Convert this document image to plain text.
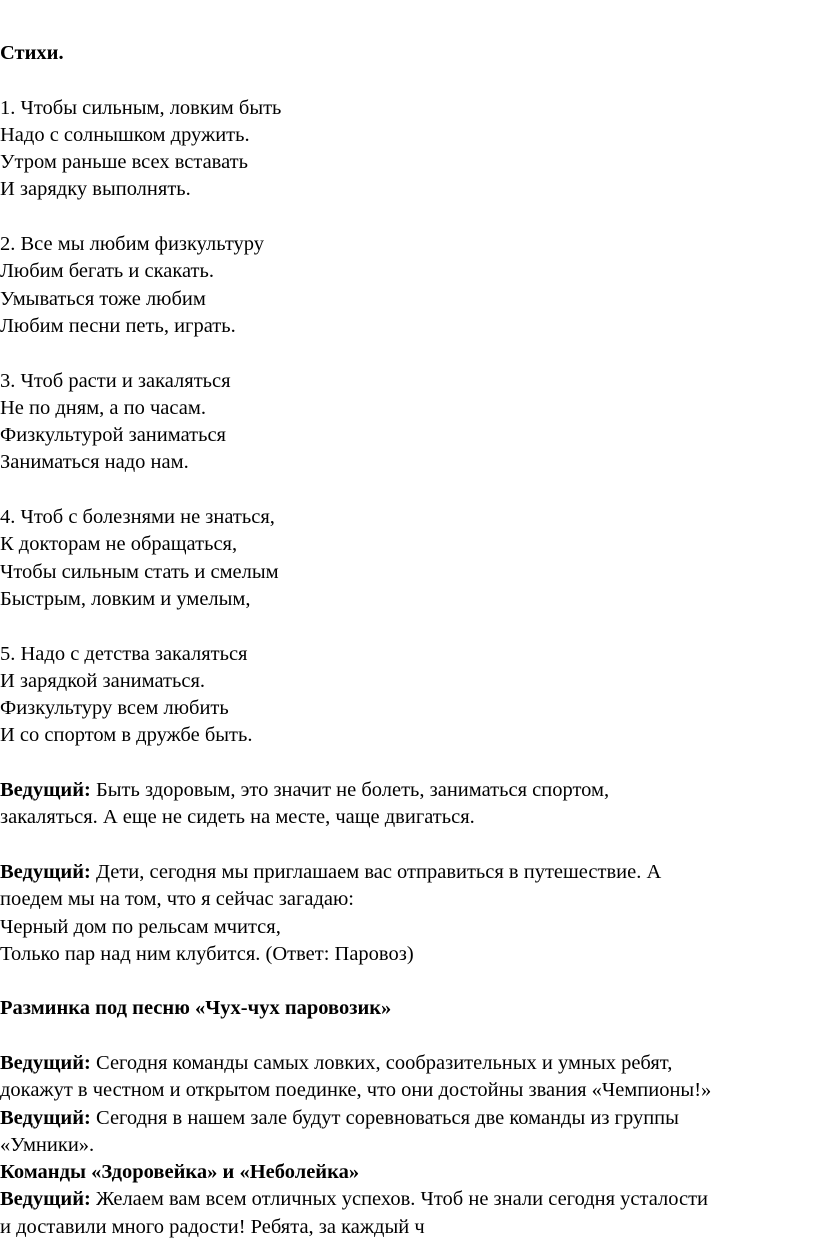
Стихи.
1. Чтобы сильным, ловким быть
Надо с солнышком дружить.
Утром раньше всех вставать
И зарядку выполнять.
2. Все мы любим физкультуру
Любим бегать и скакать.
Умываться тоже любим
Любим песни петь, играть.
3. Чтоб расти и закаляться
Не по дням, а по часам.
Физкультурой заниматься
Заниматься надо нам.
4. Чтоб с болезнями не знаться,
К докторам не обращаться,
Чтобы сильным стать и смелым
Быстрым, ловким и умелым,
5. Надо с детства закаляться
И зарядкой заниматься.
Физкультуру всем любить
И со спортом в дружбе быть.
Ведущий: Быть здоровым, это значит не болеть, заниматься спортом,
закаляться. А еще не сидеть на месте, чаще двигаться.
Ведущий: Дети, сегодня мы приглашаем вас отправиться в путешествие. А
поедем мы на том, что я сейчас загадаю:
Черный дом по рельсам мчится,
Только пар над ним клубится. (Ответ: Паровоз)
Разминка под песню «Чух-чух паровозик»
Ведущий: Сегодня команды самых ловких, сообразительных и умных ребят,
докажут в честном и открытом поединке, что они достойны звания «Чемпионы!»
Ведущий: Сегодня в нашем зале будут соревноваться две команды из группы
«Умники».
Команды «Здоровейка» и «Неболейка»
Ведущий: Желаем вам всем отличных успехов. Чтоб не знали сегодня усталости
и доставили много радости! Ребята, за каждый ч
